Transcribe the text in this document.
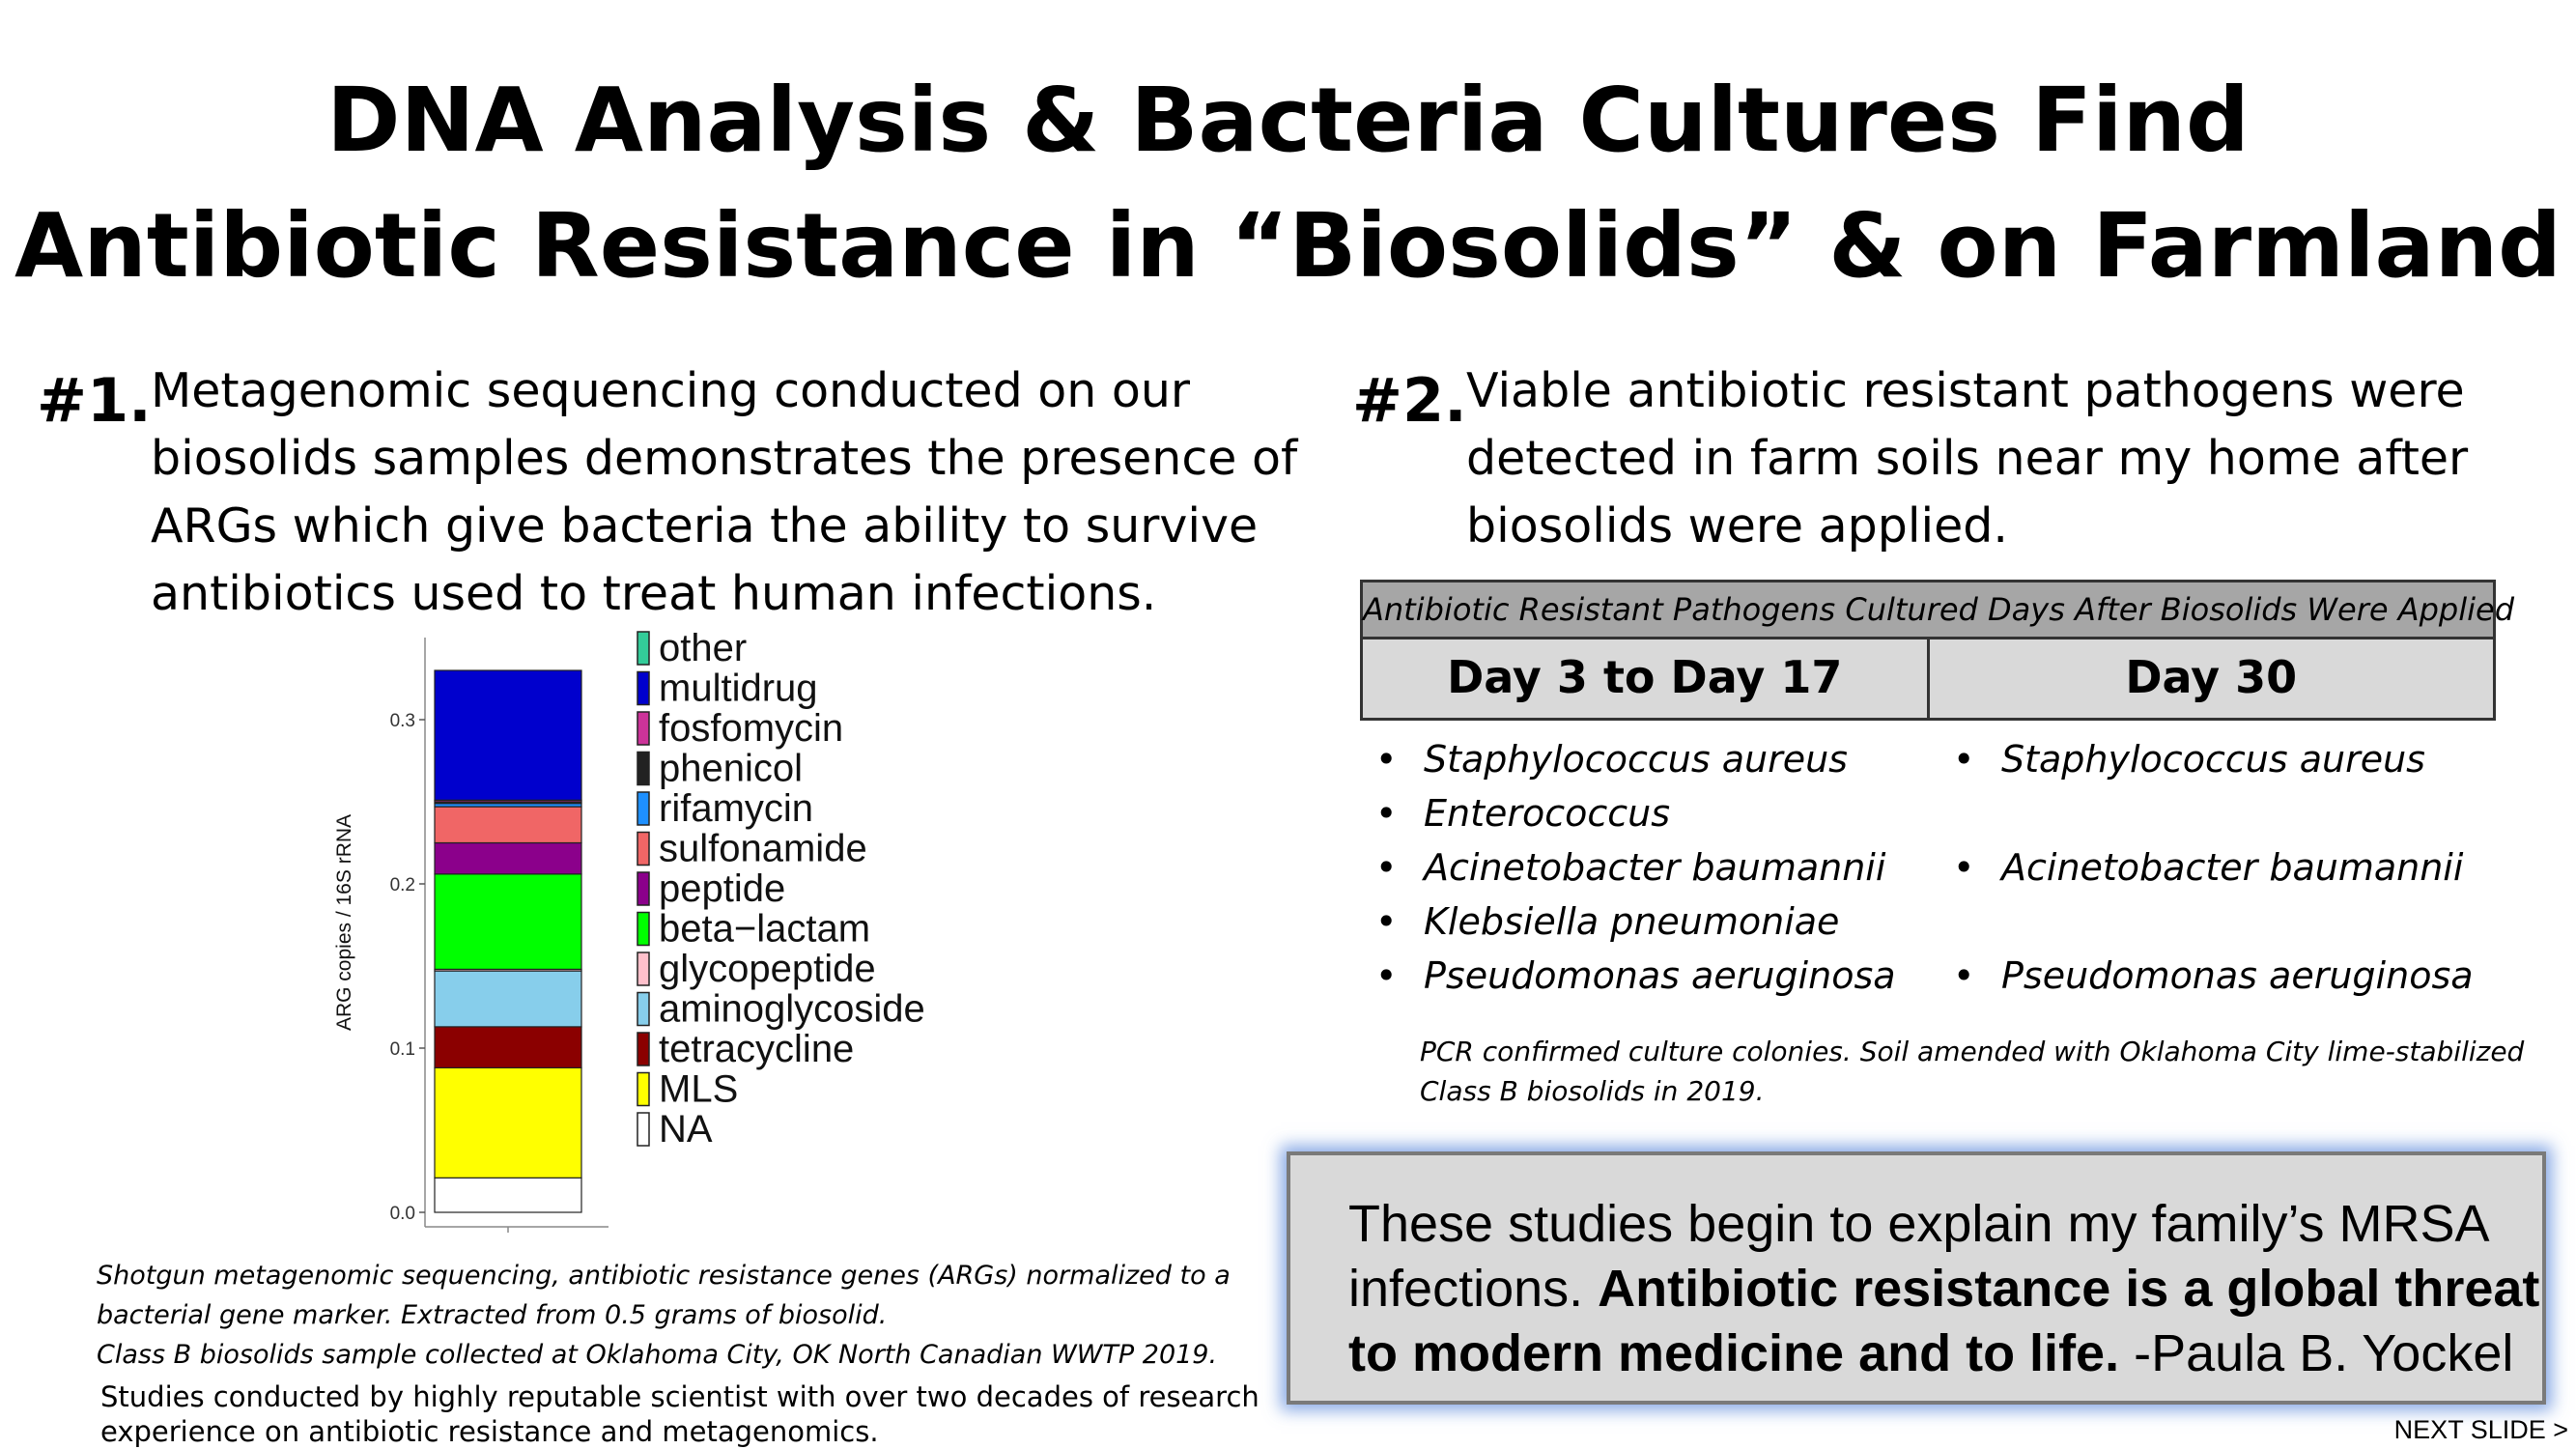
DNA Analysis & Bacteria Cultures Find
Antibiotic Resistance in “Biosolids” & on Farmland
#1. Metagenomic sequencing conducted on our
biosolids samples demonstrates the presence of
ARGs which give bacteria the ability to survive
antibiotics used to treat human infections.
#2. Viable antibiotic resistant pathogens were
detected in farm soils near my home after
biosolids were applied.
0.0
0.1
0.2
0.3
ARG copies / 16S rRNA
other
multidrug
fosfomycin
phenicol
rifamycin
sulfonamide
peptide
beta−lactam
glycopeptide
aminoglycoside
tetracycline
MLS
NA
Shotgun metagenomic sequencing, antibiotic resistance genes (ARGs) normalized to a
bacterial gene marker. Extracted from 0.5 grams of biosolid.
Class B biosolids sample collected at Oklahoma City, OK North Canadian WWTP 2019.
Studies conducted by highly reputable scientist with over two decades of research
experience on antibiotic resistance and metagenomics.
Antibiotic Resistant Pathogens Cultured Days After Biosolids Were Applied
Day 3 to Day 17	Day 30
• Staphylococcus aureus
• Enterococcus
• Acinetobacter baumannii
• Klebsiella pneumoniae
• Pseudomonas aeruginosa
• Staphylococcus aureus
• Acinetobacter baumannii
• Pseudomonas aeruginosa
PCR confirmed culture colonies. Soil amended with Oklahoma City lime-stabilized
Class B biosolids in 2019.
These studies begin to explain my family’s MRSA
infections. Antibiotic resistance is a global threat
to modern medicine and to life. -Paula B. Yockel
NEXT SLIDE >
